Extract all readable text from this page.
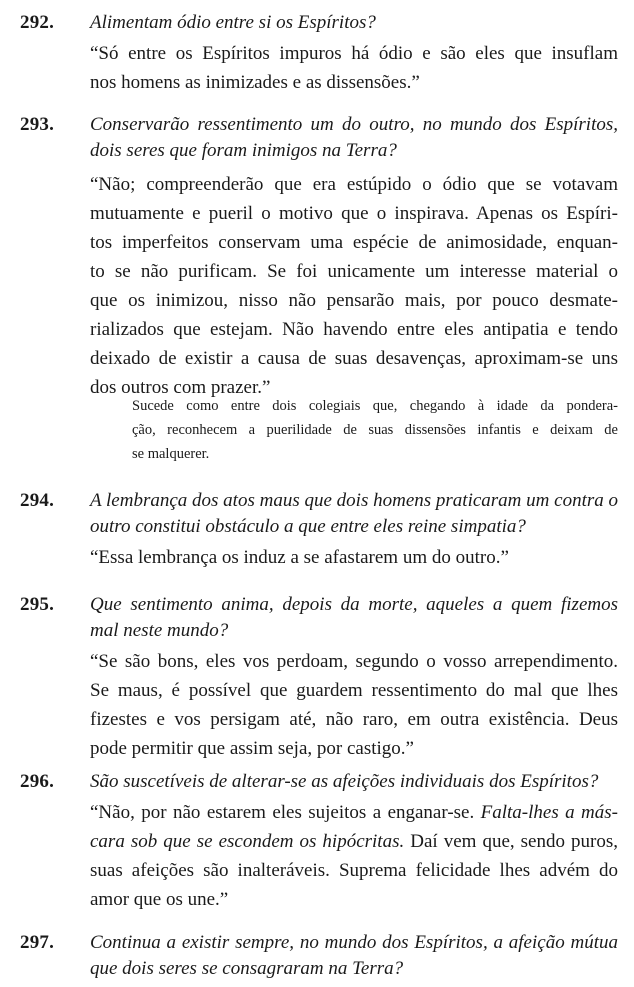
292. Alimentam ódio entre si os Espíritos?
“Só entre os Espíritos impuros há ódio e são eles que insuflam
nos homens as inimizades e as dissensões.”
293. Conservarão ressentimento um do outro, no mundo dos Espíritos,
dois seres que foram inimigos na Terra?
“Não; compreenderão que era estúpido o ódio que se votavam
mutuamente e pueril o motivo que o inspirava. Apenas os Espíri-
tos imperfeitos conservam uma espécie de animosidade, enquan-
to se não purificam. Se foi unicamente um interesse material o
que os inimizou, nisso não pensarão mais, por pouco desmate-
rializados que estejam. Não havendo entre eles antipatia e tendo
deixado de existir a causa de suas desavenças, aproximam-se uns
dos outros com prazer.”
Sucede como entre dois colegiais que, chegando à idade da pondera-
ção, reconhecem a puerilidade de suas dissensões infantis e deixam de
se malquerer.
294. A lembrança dos atos maus que dois homens praticaram um contra o
outro constitui obstáculo a que entre eles reine simpatia?
“Essa lembrança os induz a se afastarem um do outro.”
295. Que sentimento anima, depois da morte, aqueles a quem fizemos
mal neste mundo?
“Se são bons, eles vos perdoam, segundo o vosso arrependimento.
Se maus, é possível que guardem ressentimento do mal que lhes
fizestes e vos persigam até, não raro, em outra existência. Deus
pode permitir que assim seja, por castigo.”
296. São suscetíveis de alterar-se as afeições individuais dos Espíritos?
“Não, por não estarem eles sujeitos a enganar-se. Falta-lhes a más-
cara sob que se escondem os hipócritas. Daí vem que, sendo puros,
suas afeições são inalteráveis. Suprema felicidade lhes advém do
amor que os une.”
297. Continua a existir sempre, no mundo dos Espíritos, a afeição mútua
que dois seres se consagraram na Terra?
